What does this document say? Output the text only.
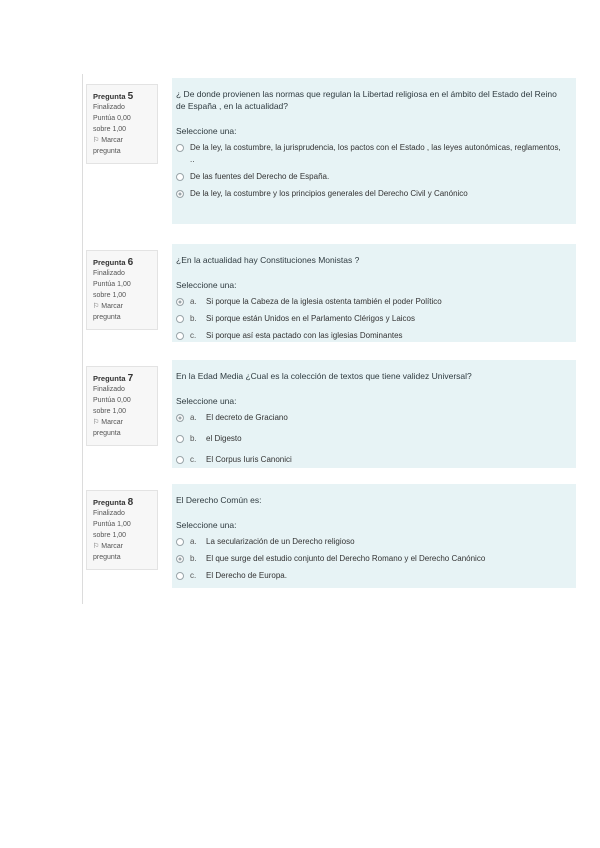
Pregunta 5
Finalizado
Puntúa 0,00
sobre 1,00
⚐ Marcar
pregunta

¿ De donde provienen las normas que regulan la Libertad religiosa en el ámbito del Estado del Reino de España , en la actualidad?

Seleccione una:

De la ley, la costumbre, la jurisprudencia, los pactos con el Estado , las leyes autonómicas, reglamentos, ..
De las fuentes del Derecho de España.
De la ley, la costumbre y los principios generales del Derecho Civil y Canónico
Pregunta 6
Finalizado
Puntúa 1,00
sobre 1,00
⚐ Marcar
pregunta

¿En la actualidad hay Constituciones Monistas ?

Seleccione una:

a.	Si porque la Cabeza de la iglesia ostenta también el poder Político
b.	Si porque están Unidos en el Parlamento Clérigos y Laicos
c.	Si porque así esta pactado con las iglesias Dominantes
Pregunta 7
Finalizado
Puntúa 0,00
sobre 1,00
⚐ Marcar
pregunta

En la Edad Media ¿Cual es la colección de textos que tiene validez Universal?

Seleccione una:

a.	El decreto de Graciano
b.	el Digesto
c.	El Corpus Iuris Canonici
Pregunta 8
Finalizado
Puntúa 1,00
sobre 1,00
⚐ Marcar
pregunta

El Derecho Común es:

Seleccione una:

a.	La secularización de un Derecho religioso
b.	El que surge del estudio conjunto del Derecho Romano y el Derecho Canónico
c.	El Derecho de Europa.
